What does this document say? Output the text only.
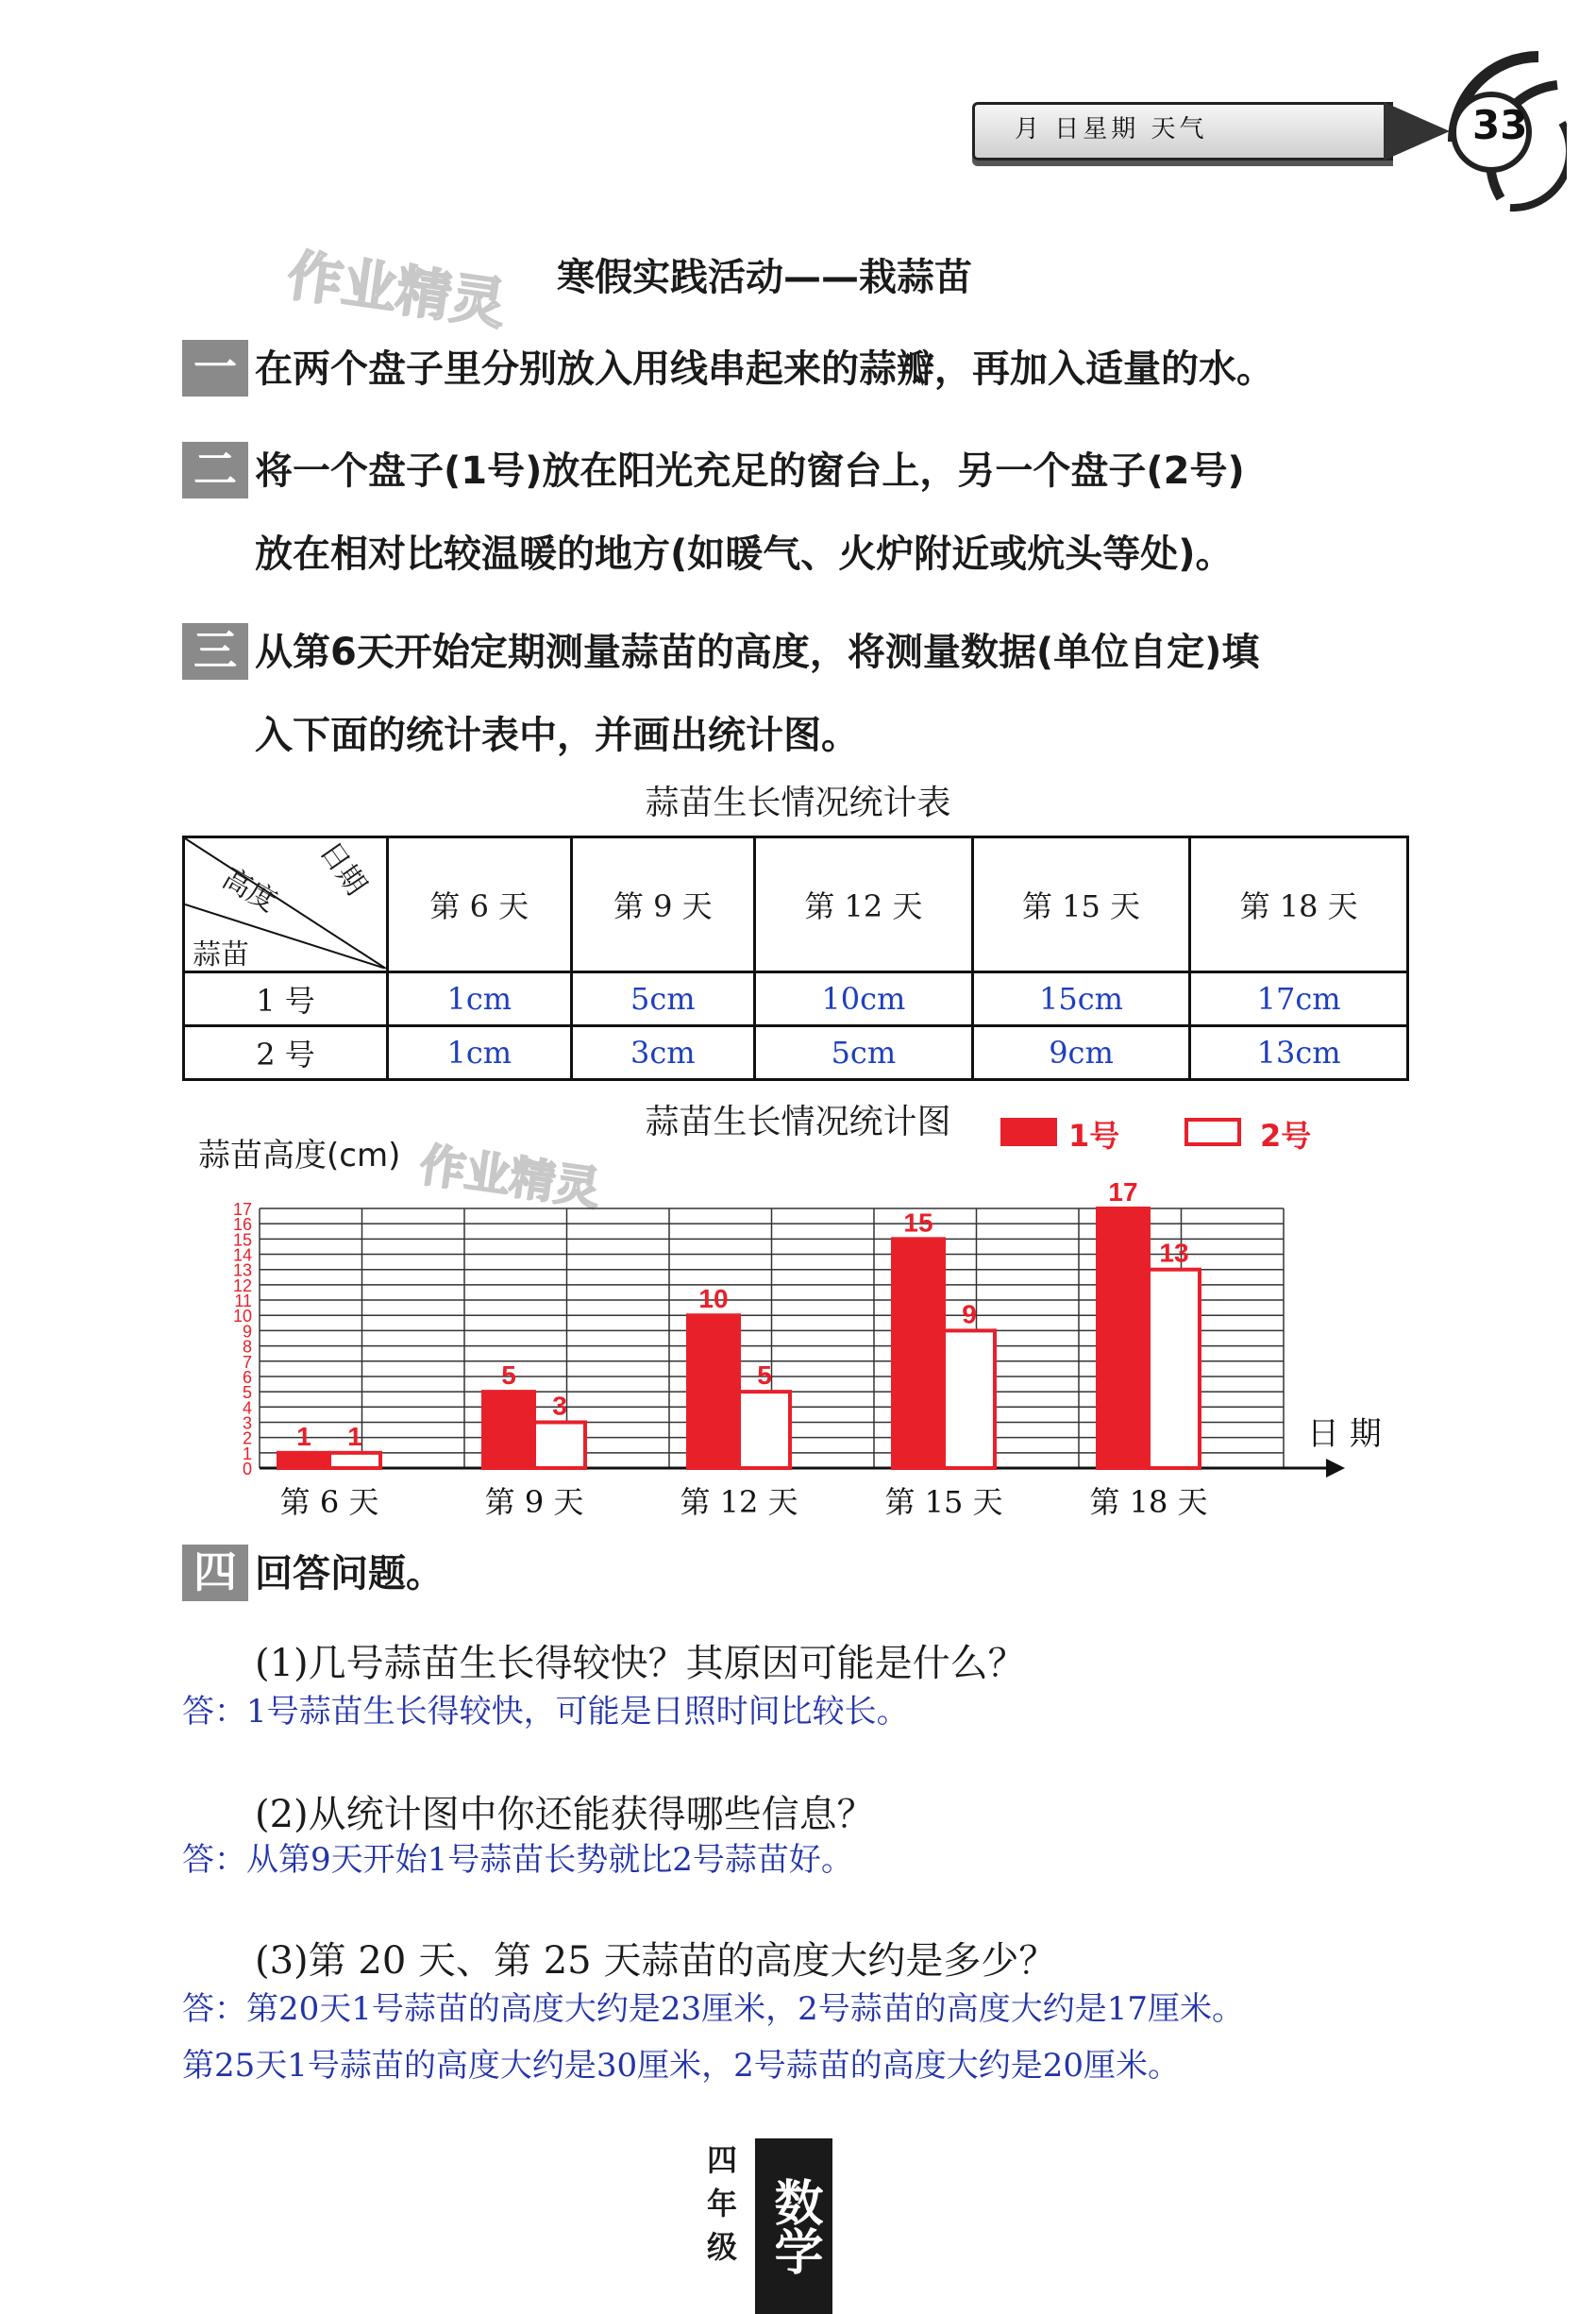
月 日星期 天气	33
作业精灵 寒假实践活动——栽蒜苗
一 在两个盘子里分别放入用线串起来的蒜瓣，再加入适量的水。
二 将一个盘子(1号)放在阳光充足的窗台上，另一个盘子(2号)
放在相对比较温暖的地方(如暖气、火炉附近或炕头等处)。
三 从第6天开始定期测量蒜苗的高度，将测量数据(单位自定)填
入下面的统计表中，并画出统计图。
蒜苗生长情况统计表
日期
高度
蒜苗	第 6 天	第 9 天	第 12 天	第 15 天	第 18 天
1 号	1cm	5cm	10cm	15cm	17cm
2 号	1cm	3cm	5cm	9cm	13cm
蒜苗生长情况统计图	1号	2号
蒜苗高度(cm) 作业精灵
0
1
2
3
4
5
6
7
8
9
10
11
12
13
14
15
16
17
日 期
1 1
第 6 天
5
3
第 9 天
10
5
第 12 天
15
9
第 15 天
17
13
第 18 天
四 回答问题。
(1)几号蒜苗生长得较快？其原因可能是什么？
答：1号蒜苗生长得较快，可能是日照时间比较长。
(2)从统计图中你还能获得哪些信息？
答：从第9天开始1号蒜苗长势就比2号蒜苗好。
(3)第 20 天、第 25 天蒜苗的高度大约是多少？
答：第20天1号蒜苗的高度大约是23厘米，2号蒜苗的高度大约是17厘米。
第25天1号蒜苗的高度大约是30厘米，2号蒜苗的高度大约是20厘米。
四年级 数学
